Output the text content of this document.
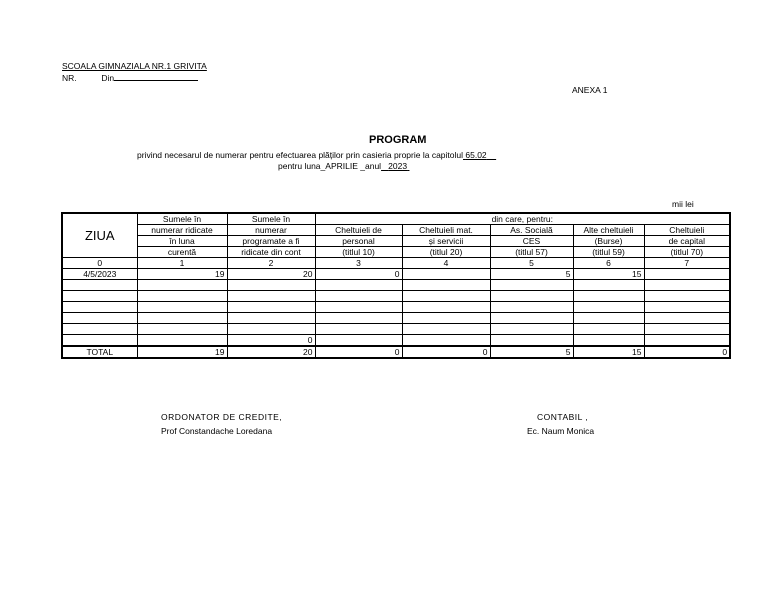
SCOALA GIMNAZIALA NR.1 GRIVITA
NR.	Din
ANEXA 1
PROGRAM
privind necesarul de numerar pentru efectuarea plăților prin casieria proprie la capitolul 65.02
pentru luna_APRILIE _anul 2023
mii lei
ZIUA	Sumele în	Sumele în	din care, pentru:				
	numerar ridicate	numerar	Cheltuieli de	Cheltuieli mat.	As. Socială	Alte cheltuieli	Cheltuieli
	în luna	programate a fi	personal	și servicii	CES	(Burse)	de capital
	curentă	ridicate din cont	(titlul 10)	(titlul 20)	(titlul 57)	(titlul 59)	(titlul 70)
0	1	2	3	4	5	6	7
4/5/2023	19	20	0		5	15	

		0					
TOTAL	19	20	0	0	5	15	0
ORDONATOR DE CREDITE,
Prof Constandache Loredana
CONTABIL ,
Ec. Naum Monica
